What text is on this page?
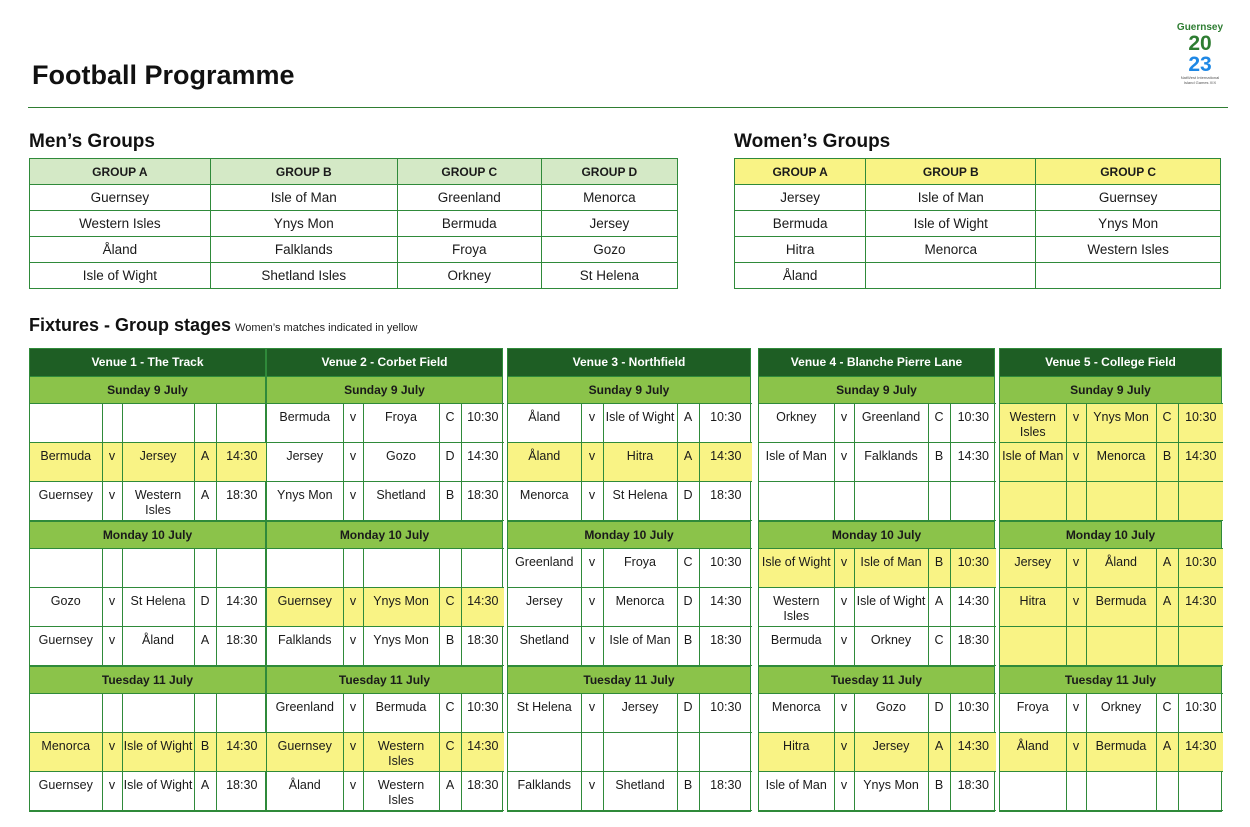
Football Programme
Guernsey
20
23
NatWest International
Island Games XIX
Men’s Groups
GROUP A	GROUP B	GROUP C	GROUP D
Guernsey	Isle of Man	Greenland	Menorca
Western Isles	Ynys Mon	Bermuda	Jersey
Åland	Falklands	Froya	Gozo
Isle of Wight	Shetland Isles	Orkney	St Helena
Women’s Groups
GROUP A	GROUP B	GROUP C
Jersey	Isle of Man	Guernsey
Bermuda	Isle of Wight	Ynys Mon
Hitra	Menorca	Western Isles
Åland		
Fixtures - Group stages Women’s matches indicated in yellow
Venue 1 - The Track
Sunday 9 July

Bermuda	v	Jersey	A	14:30
Guernsey	v	Western Isles	A	18:30
Monday 10 July

Gozo	v	St Helena	D	14:30
Guernsey	v	Åland	A	18:30
Tuesday 11 July

Menorca	v	Isle of Wight	B	14:30
Guernsey	v	Isle of Wight	A	18:30
Venue 2 - Corbet Field
Sunday 9 July
Bermuda	v	Froya	C	10:30
Jersey	v	Gozo	D	14:30
Ynys Mon	v	Shetland	B	18:30
Monday 10 July

Guernsey	v	Ynys Mon	C	14:30
Falklands	v	Ynys Mon	B	18:30
Tuesday 11 July
Greenland	v	Bermuda	C	10:30
Guernsey	v	Western Isles	C	14:30
Åland	v	Western Isles	A	18:30
Venue 3 - Northfield
Sunday 9 July
Åland	v	Isle of Wight	A	10:30
Åland	v	Hitra	A	14:30
Menorca	v	St Helena	D	18:30
Monday 10 July
Greenland	v	Froya	C	10:30
Jersey	v	Menorca	D	14:30
Shetland	v	Isle of Man	B	18:30
Tuesday 11 July
St Helena	v	Jersey	D	10:30

Falklands	v	Shetland	B	18:30
Venue 4 - Blanche Pierre Lane
Sunday 9 July
Orkney	v	Greenland	C	10:30
Isle of Man	v	Falklands	B	14:30

Monday 10 July
Isle of Wight	v	Isle of Man	B	10:30
Western Isles	v	Isle of Wight	A	14:30
Bermuda	v	Orkney	C	18:30
Tuesday 11 July
Menorca	v	Gozo	D	10:30
Hitra	v	Jersey	A	14:30
Isle of Man	v	Ynys Mon	B	18:30
Venue 5 - College Field
Sunday 9 July
Western Isles	v	Ynys Mon	C	10:30
Isle of Man	v	Menorca	B	14:30

Monday 10 July
Jersey	v	Åland	A	10:30
Hitra	v	Bermuda	A	14:30

Tuesday 11 July
Froya	v	Orkney	C	10:30
Åland	v	Bermuda	A	14:30
